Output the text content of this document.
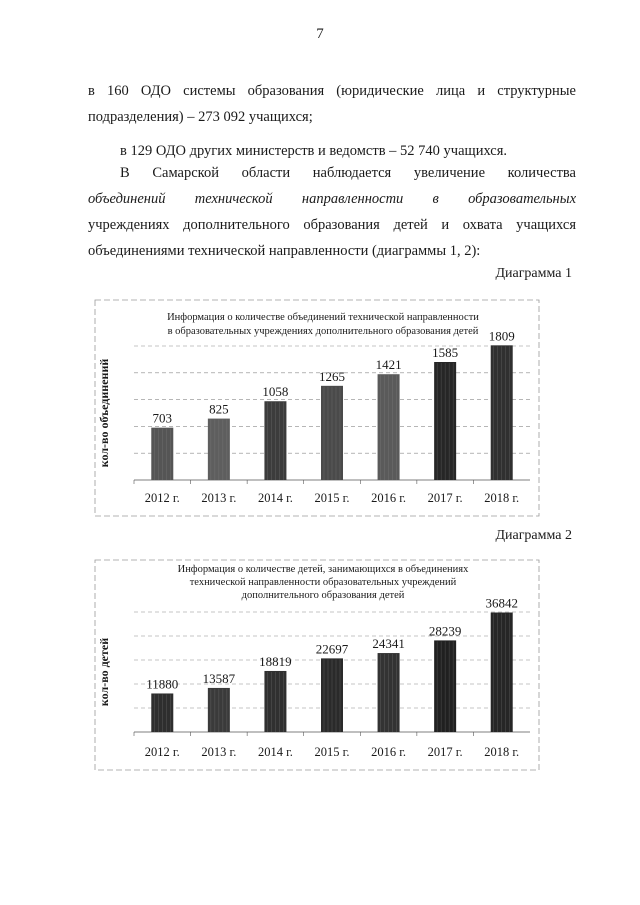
7

в 160 ОДО системы образования (юридические лица и структурные

подразделения) – 273 092 учащихся;

в 129 ОДО других министерств и ведомств – 52 740 учащихся.

В Самарской области наблюдается увеличение количества

объединений технической направленности в образовательных

учреждениях дополнительного образования детей и охвата учащихся

объединениями технической направленности (диаграммы 1, 2):

Диаграмма 1
Информация о количестве объединений технической направленности
в образовательных учреждениях дополнительного образования детей
кол-во объединений	703
2012 г.
825
2013 г.
1058
2014 г.
1265
2015 г.
1421
2016 г.
1585
2017 г.
1809
2018 г.
Диаграмма 2
Информация о количестве детей, занимающихся в объединениях
технической направленности образовательных учреждений
дополнительного образования детей
кол-во детей	11880
2012 г.
13587
2013 г.
18819
2014 г.
22697
2015 г.
24341
2016 г.
28239
2017 г.
36842
2018 г.
